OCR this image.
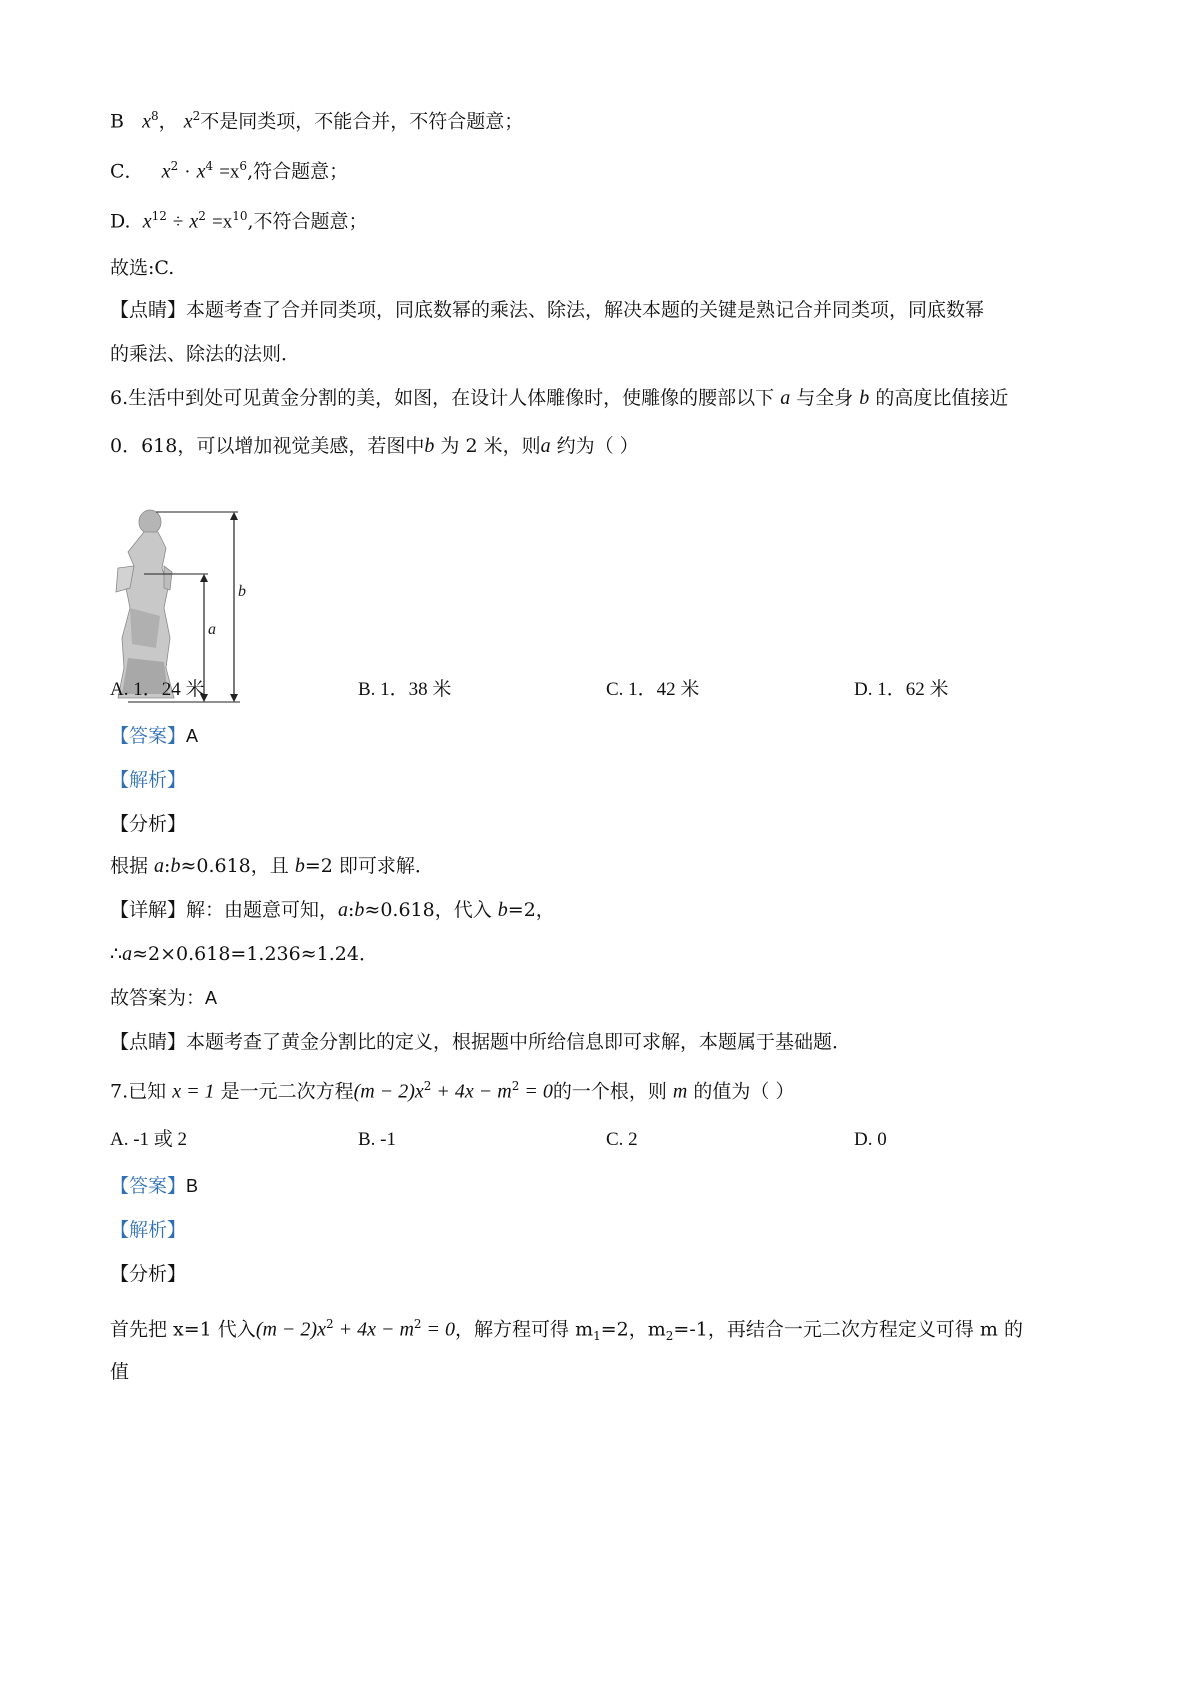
B $x^8$， $x^2$不是同类项，不能合并，不符合题意；
C． $x^2 \cdot x^4 =x^6$,符合题意；
D. $x^{12} \div x^2 =x^{10}$,不符合题意；
故选:C.
【点睛】本题考查了合并同类项，同底数幂的乘法、除法，解决本题的关键是熟记合并同类项，同底数幂
的乘法、除法的法则．
6.生活中到处可见黄金分割的美，如图，在设计人体雕像时，使雕像的腰部以下 a 与全身 b 的高度比值接近
0．618，可以增加视觉美感，若图中b 为 2 米，则a 约为（ ）
b
a
A. 1．24 米	B. 1．38 米	C. 1．42 米	D. 1．62 米
【答案】A
【解析】
【分析】
根据 a:b≈0.618，且 b=2 即可求解．
【详解】解：由题意可知，a:b≈0.618，代入 b=2，
∴a≈2×0.618=1.236≈1.24．
故答案为：A
【点睛】本题考查了黄金分割比的定义，根据题中所给信息即可求解，本题属于基础题．
7.已知 x = 1 是一元二次方程$(m - 2)x^2 + 4x - m^2 = 0$的一个根，则 m 的值为（ ）
A. -1 或 2	B. -1	C. 2	D. 0
【答案】B
【解析】
【分析】
首先把 x=1 代入$(m - 2)x^2 + 4x - m^2 = 0$，解方程可得 $m_1=2$，$m_2=-1$，再结合一元二次方程定义可得 m 的
值
